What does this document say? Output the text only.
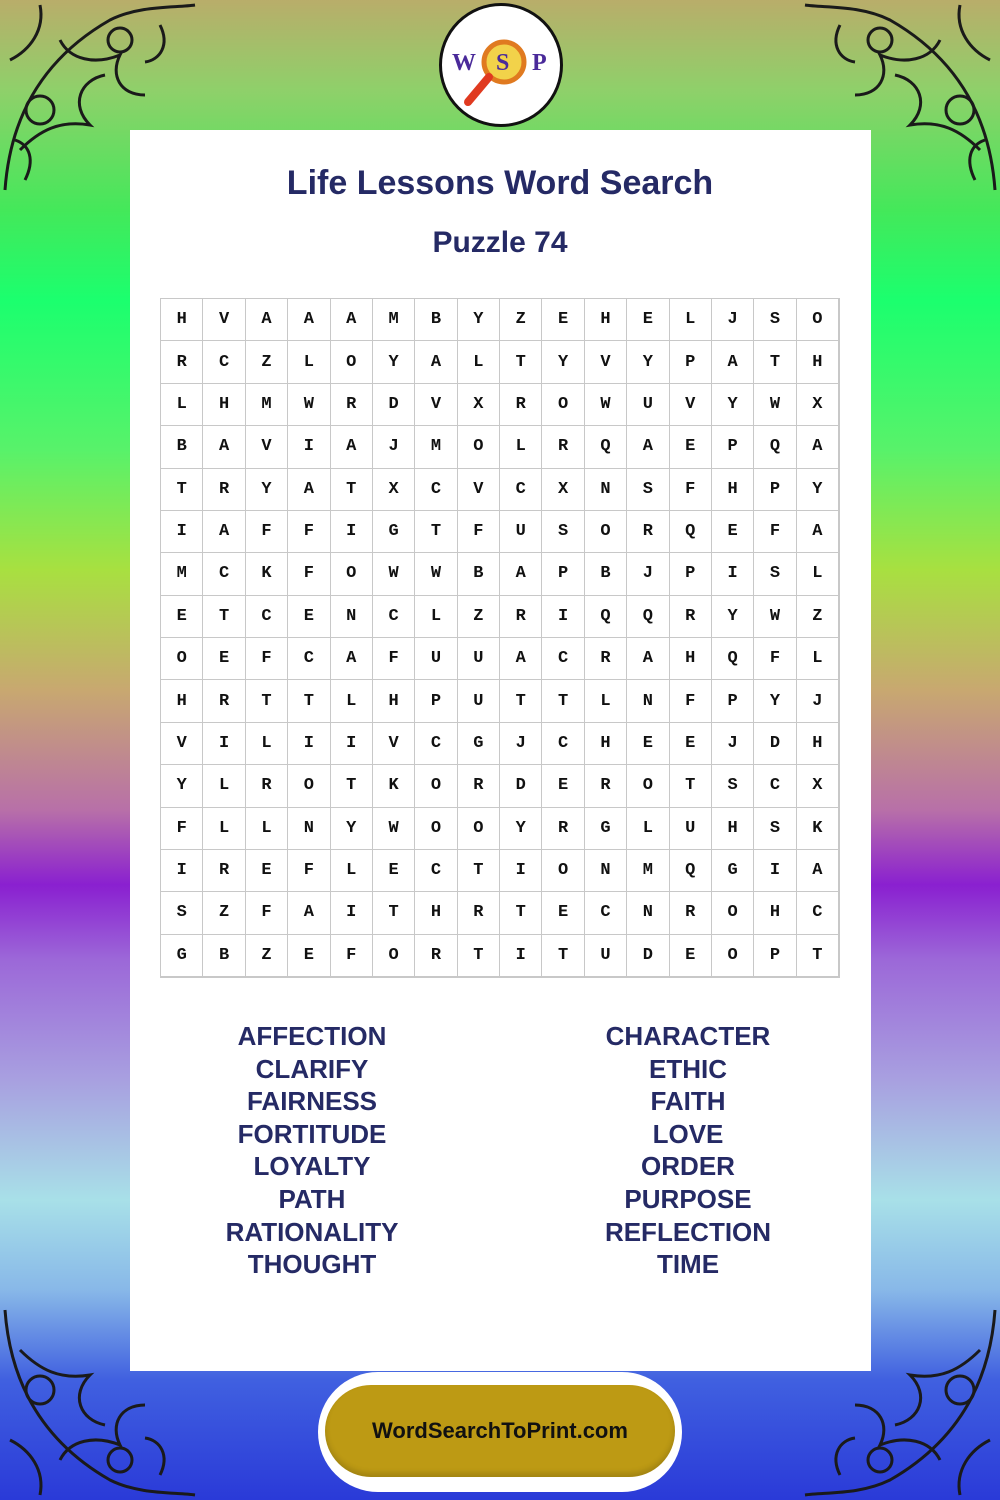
W S P
Life Lessons Word Search
Puzzle 74
H	V	A	A	A	M	B	Y	Z	E	H	E	L	J	S	O
R	C	Z	L	O	Y	A	L	T	Y	V	Y	P	A	T	H
L	H	M	W	R	D	V	X	R	O	W	U	V	Y	W	X
B	A	V	I	A	J	M	O	L	R	Q	A	E	P	Q	A
T	R	Y	A	T	X	C	V	C	X	N	S	F	H	P	Y
I	A	F	F	I	G	T	F	U	S	O	R	Q	E	F	A
M	C	K	F	O	W	W	B	A	P	B	J	P	I	S	L
E	T	C	E	N	C	L	Z	R	I	Q	Q	R	Y	W	Z
O	E	F	C	A	F	U	U	A	C	R	A	H	Q	F	L
H	R	T	T	L	H	P	U	T	T	L	N	F	P	Y	J
V	I	L	I	I	V	C	G	J	C	H	E	E	J	D	H
Y	L	R	O	T	K	O	R	D	E	R	O	T	S	C	X
F	L	L	N	Y	W	O	O	Y	R	G	L	U	H	S	K
I	R	E	F	L	E	C	T	I	O	N	M	Q	G	I	A
S	Z	F	A	I	T	H	R	T	E	C	N	R	O	H	C
G	B	Z	E	F	O	R	T	I	T	U	D	E	O	P	T
AFFECTION
CLARIFY
FAIRNESS
FORTITUDE
LOYALTY
PATH
RATIONALITY
THOUGHT
CHARACTER
ETHIC
FAITH
LOVE
ORDER
PURPOSE
REFLECTION
TIME
WordSearchToPrint.com
